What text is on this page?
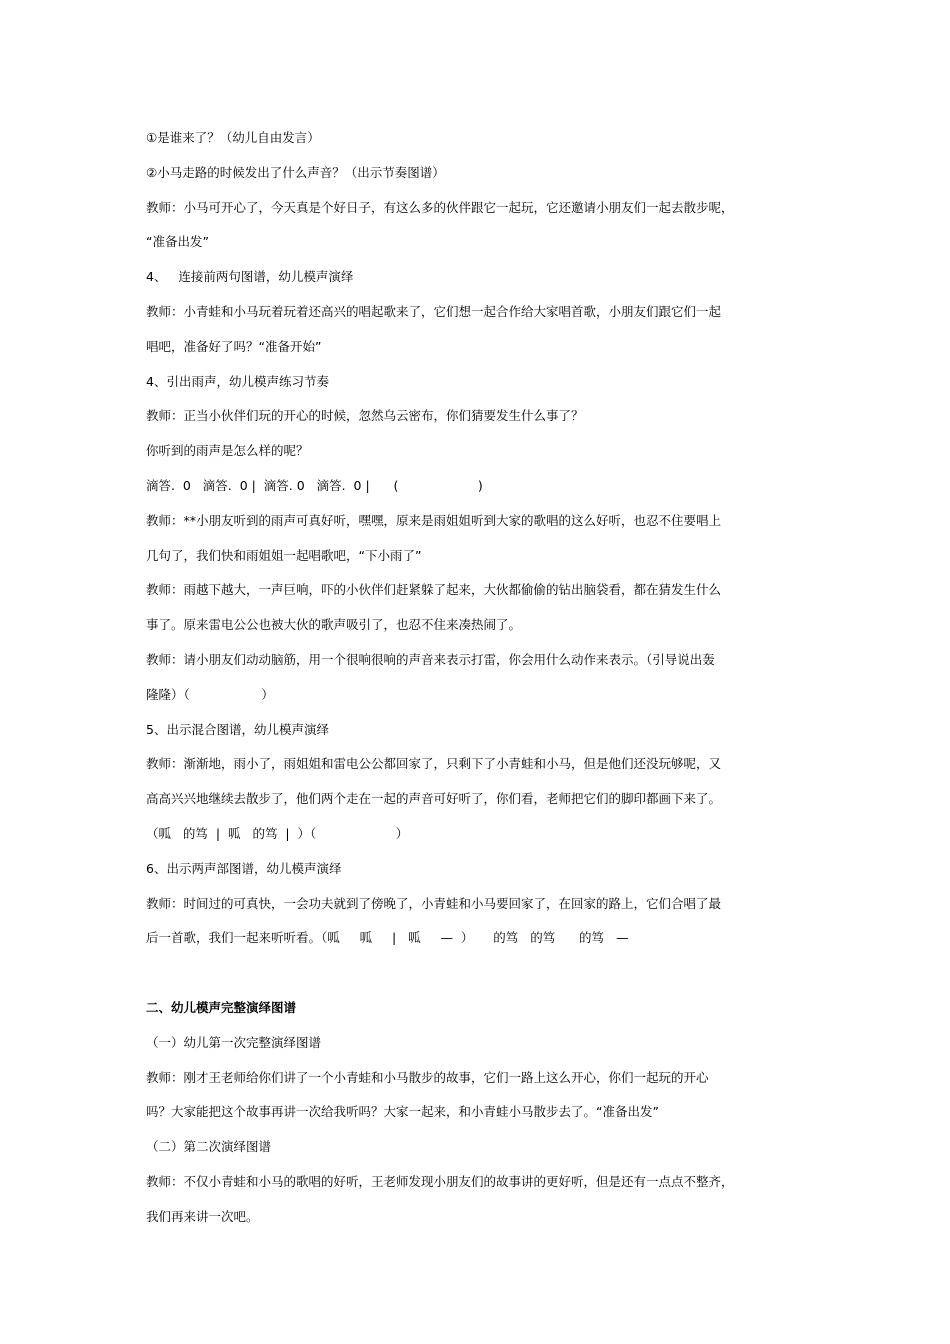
①是谁来了？（幼儿自由发言）
②小马走路的时候发出了什么声音？（出示节奏图谱）
教师：小马可开心了，今天真是个好日子，有这么多的伙伴跟它一起玩，它还邀请小朋友们一起去散步呢，
“准备出发”
4、   连接前两句图谱，幼儿模声演绎
教师：小青蛙和小马玩着玩着还高兴的唱起歌来了，它们想一起合作给大家唱首歌，小朋友们跟它们一起
唱吧，准备好了吗？“准备开始”
4、引出雨声，幼儿模声练习节奏
教师：正当小伙伴们玩的开心的时候，忽然乌云密布，你们猜要发生什么事了？
你听到的雨声是怎么样的呢？
滴答.  0   滴答.  0 |  滴答. 0   滴答.  0 |      (                    )
教师：**小朋友听到的雨声可真好听，嘿嘿，原来是雨姐姐听到大家的歌唱的这么好听，也忍不住要唱上
几句了，我们快和雨姐姐一起唱歌吧，“下小雨了”
教师：雨越下越大，一声巨响，吓的小伙伴们赶紧躲了起来，大伙都偷偷的钻出脑袋看，都在猜发生什么
事了。原来雷电公公也被大伙的歌声吸引了，也忍不住来凑热闹了。
教师：请小朋友们动动脑筋，用一个很响很响的声音来表示打雷，你会用什么动作来表示。（引导说出轰
隆隆）（                  ）
5、出示混合图谱，幼儿模声演绎
教师：渐渐地，雨小了，雨姐姐和雷电公公都回家了，只剩下了小青蛙和小马，但是他们还没玩够呢，又
高高兴兴地继续去散步了，他们两个走在一起的声音可好听了，你们看，老师把它们的脚印都画下来了。
（呱   的笃  |  呱   的笃  |  ）（                    ）
6、出示两声部图谱，幼儿模声演绎
教师：时间过的可真快，一会功夫就到了傍晚了，小青蛙和小马要回家了，在回家的路上，它们合唱了最
后一首歌，我们一起来听听看。（呱     呱     |   呱     —  ）     的笃   的笃      的笃   —
二、幼儿模声完整演绎图谱
（一）幼儿第一次完整演绎图谱
教师：刚才王老师给你们讲了一个小青蛙和小马散步的故事，它们一路上这么开心，你们一起玩的开心
吗？大家能把这个故事再讲一次给我听吗？大家一起来，和小青蛙小马散步去了。“准备出发”
（二）第二次演绎图谱
教师：不仅小青蛙和小马的歌唱的好听，王老师发现小朋友们的故事讲的更好听，但是还有一点点不整齐，
我们再来讲一次吧。
